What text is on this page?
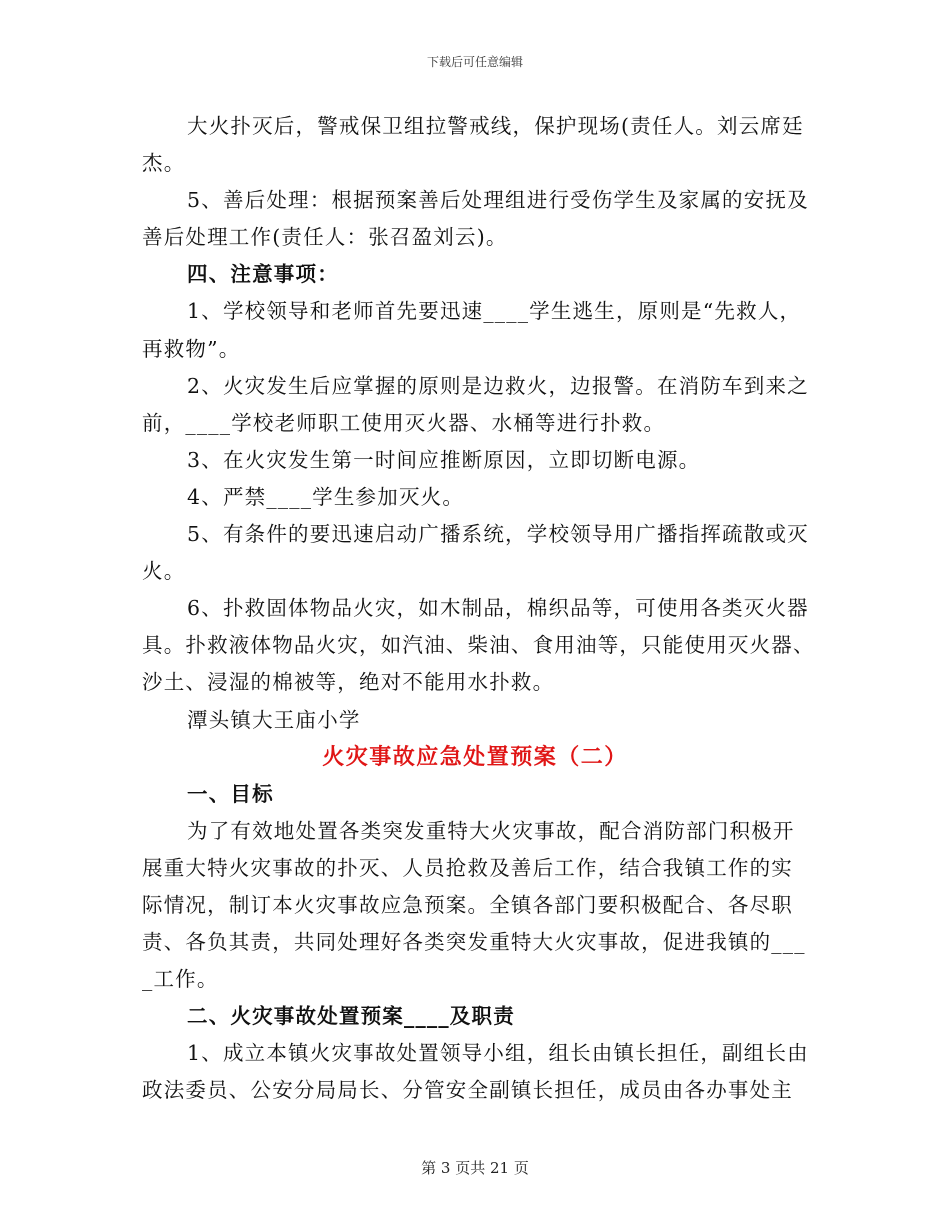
下载后可任意编辑
大火扑灭后，警戒保卫组拉警戒线，保护现场(责任人。刘云席廷
杰。
5、善后处理：根据预案善后处理组进行受伤学生及家属的安抚及
善后处理工作(责任人：张召盈刘云)。
四、注意事项：
1、学校领导和老师首先要迅速____学生逃生，原则是“先救人，
再救物”。
2、火灾发生后应掌握的原则是边救火，边报警。在消防车到来之
前，____学校老师职工使用灭火器、水桶等进行扑救。
3、在火灾发生第一时间应推断原因，立即切断电源。
4、严禁____学生参加灭火。
5、有条件的要迅速启动广播系统，学校领导用广播指挥疏散或灭
火。
6、扑救固体物品火灾，如木制品，棉织品等，可使用各类灭火器
具。扑救液体物品火灾，如汽油、柴油、食用油等，只能使用灭火器、
沙土、浸湿的棉被等，绝对不能用水扑救。
潭头镇大王庙小学
火灾事故应急处置预案（二）
一、目标
为了有效地处置各类突发重特大火灾事故，配合消防部门积极开
展重大特火灾事故的扑灭、人员抢救及善后工作，结合我镇工作的实
际情况，制订本火灾事故应急预案。全镇各部门要积极配合、各尽职
责、各负其责，共同处理好各类突发重特大火灾事故，促进我镇的___
_工作。
二、火灾事故处置预案____及职责
1、成立本镇火灾事故处置领导小组，组长由镇长担任，副组长由
政法委员、公安分局局长、分管安全副镇长担任，成员由各办事处主
第 3 页共 21 页
